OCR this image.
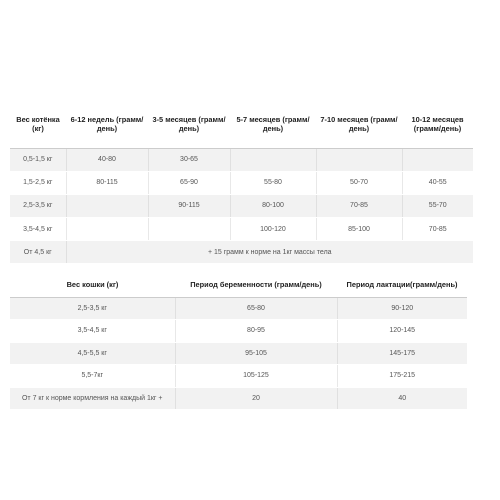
Вес котёнка (кг)	6-12 недель (грамм/день)	3-5 месяцев (грамм/день)	5-7 месяцев (грамм/день)	7-10 месяцев (грамм/день)	10-12 месяцев (грамм/день)
0,5-1,5 кг	40-80	30-65			
1,5-2,5 кг	80-115	65-90	55-80	50-70	40-55
2,5-3,5 кг		90-115	80-100	70-85	55-70
3,5-4,5 кг			100-120	85-100	70-85
От 4,5 кг	+ 15 грамм к норме на 1кг массы тела				
Вес кошки (кг)	Период беременности (грамм/день)	Период лактации(грамм/день)
2,5-3,5 кг	65-80	90-120
3,5-4,5 кг	80-95	120-145
4,5-5,5 кг	95-105	145-175
5,5-7кг	105-125	175-215
От 7 кг к норме кормления на каждый 1кг +	20	40
